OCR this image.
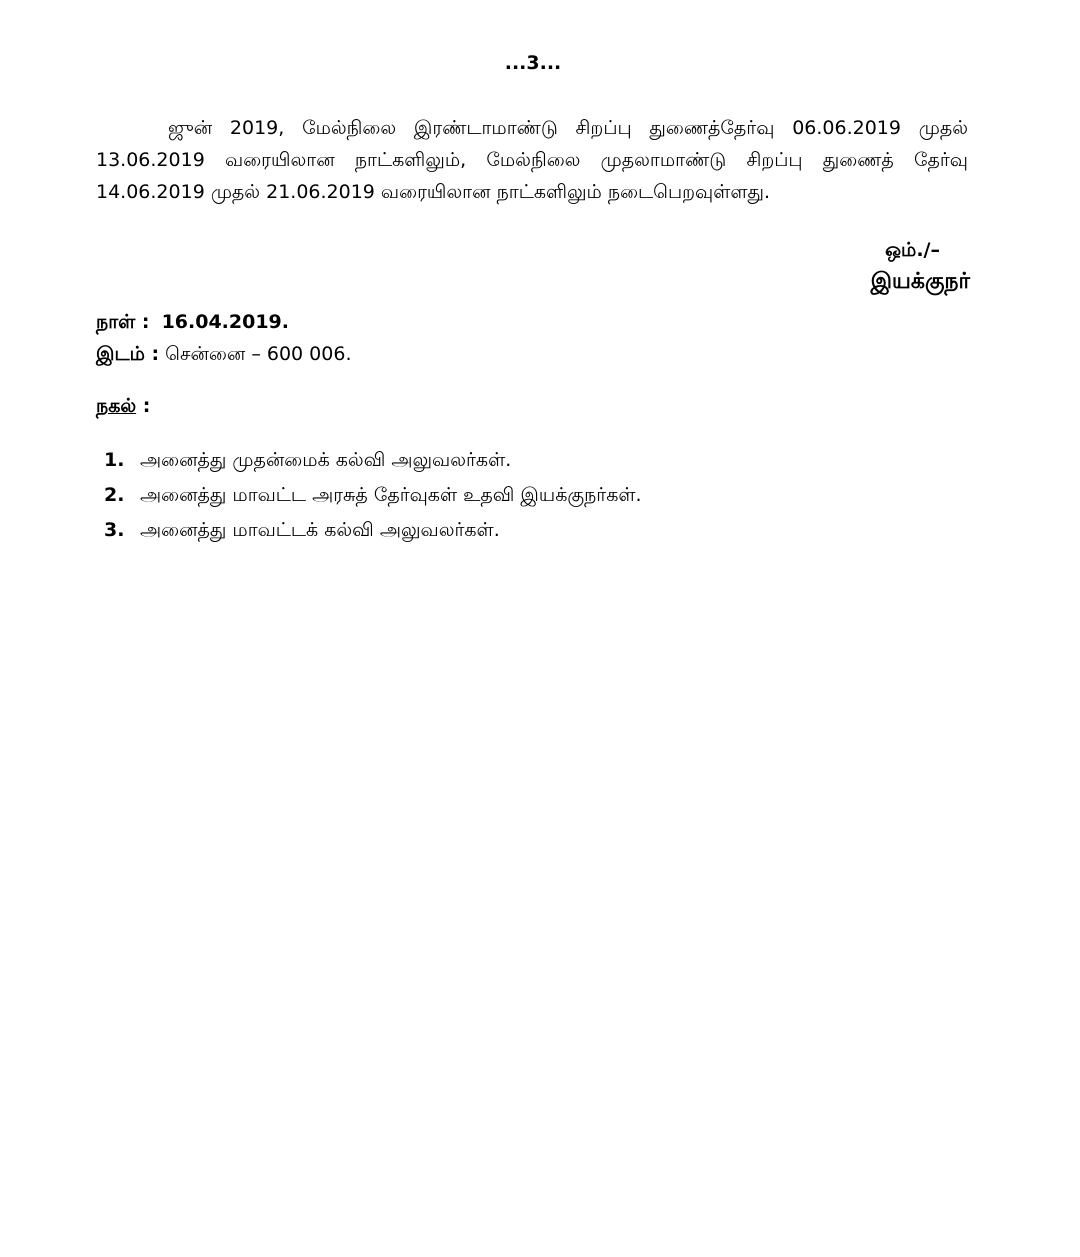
...3...

ஜுன் 2019, மேல்நிலை இரண்டாமாண்டு சிறப்பு துணைத்தேர்வு 06.06.2019 முதல் 13.06.2019 வரையிலான நாட்களிலும், மேல்நிலை முதலாமாண்டு சிறப்பு துணைத் தேர்வு 14.06.2019 முதல் 21.06.2019 வரையிலான நாட்களிலும் நடைபெறவுள்ளது.

ஒம்./–
இயக்குநர்
நாள் : 16.04.2019.
இடம் : சென்னை – 600 006.
நகல் :
1. அனைத்து முதன்மைக் கல்வி அலுவலர்கள்.
2. அனைத்து மாவட்ட அரசுத் தேர்வுகள் உதவி இயக்குநர்கள்.
3. அனைத்து மாவட்டக் கல்வி அலுவலர்கள்.
